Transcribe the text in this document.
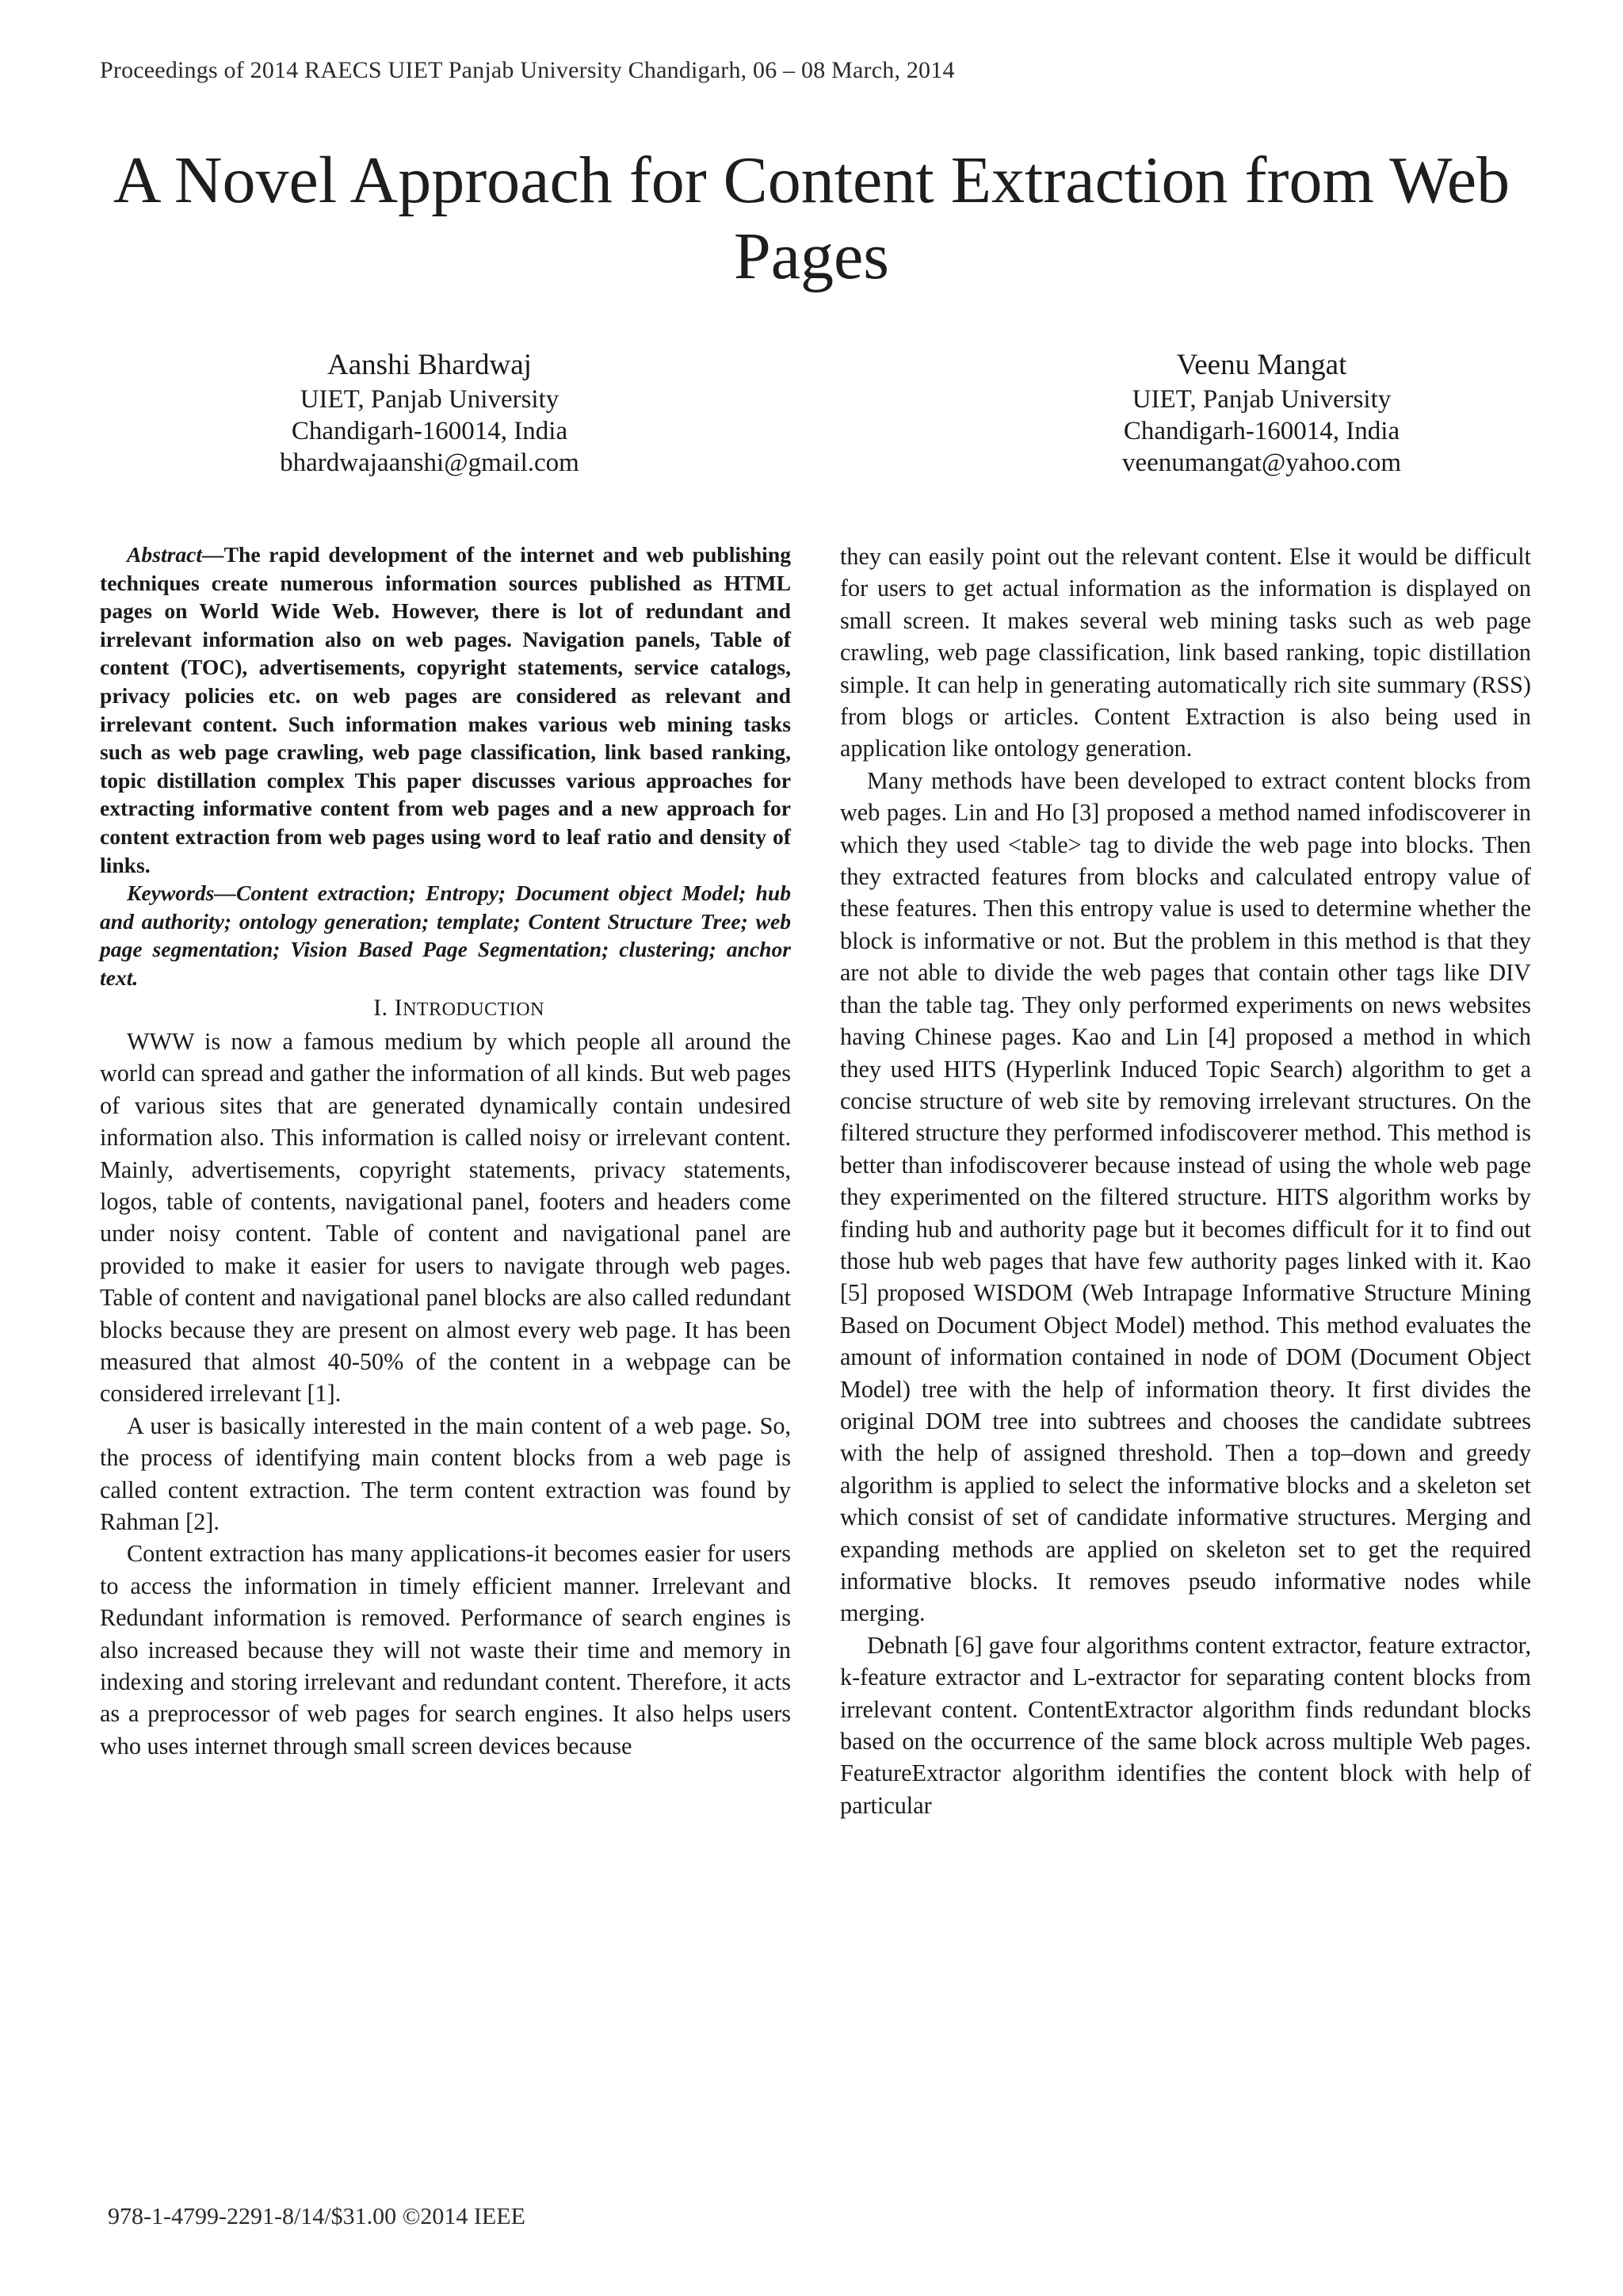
Proceedings of 2014 RAECS UIET Panjab University Chandigarh, 06 – 08 March, 2014
A Novel Approach for Content Extraction from Web Pages
Aanshi Bhardwaj
UIET, Panjab University
Chandigarh-160014, India
bhardwajaanshi@gmail.com
Veenu Mangat
UIET, Panjab University
Chandigarh-160014, India
veenumangat@yahoo.com

Abstract—The rapid development of the internet and web publishing techniques create numerous information sources published as HTML pages on World Wide Web. However, there is lot of redundant and irrelevant information also on web pages. Navigation panels, Table of content (TOC), advertisements, copyright statements, service catalogs, privacy policies etc. on web pages are considered as relevant and irrelevant content. Such information makes various web mining tasks such as web page crawling, web page classification, link based ranking, topic distillation complex This paper discusses various approaches for extracting informative content from web pages and a new approach for content extraction from web pages using word to leaf ratio and density of links.

Keywords—Content extraction; Entropy; Document object Model; hub and authority; ontology generation; template; Content Structure Tree; web page segmentation; Vision Based Page Segmentation; clustering; anchor text.

I. INTRODUCTION

WWW is now a famous medium by which people all around the world can spread and gather the information of all kinds. But web pages of various sites that are generated dynamically contain undesired information also. This information is called noisy or irrelevant content. Mainly, advertisements, copyright statements, privacy statements, logos, table of contents, navigational panel, footers and headers come under noisy content. Table of content and navigational panel are provided to make it easier for users to navigate through web pages. Table of content and navigational panel blocks are also called redundant blocks because they are present on almost every web page. It has been measured that almost 40-50% of the content in a webpage can be considered irrelevant [1].

A user is basically interested in the main content of a web page. So, the process of identifying main content blocks from a web page is called content extraction. The term content extraction was found by Rahman [2].

Content extraction has many applications-it becomes easier for users to access the information in timely efficient manner. Irrelevant and Redundant information is removed. Performance of search engines is also increased because they will not waste their time and memory in indexing and storing irrelevant and redundant content. Therefore, it acts as a preprocessor of web pages for search engines. It also helps users who uses internet through small screen devices because

they can easily point out the relevant content. Else it would be difficult for users to get actual information as the information is displayed on small screen. It makes several web mining tasks such as web page crawling, web page classification, link based ranking, topic distillation simple. It can help in generating automatically rich site summary (RSS) from blogs or articles. Content Extraction is also being used in application like ontology generation.

Many methods have been developed to extract content blocks from web pages. Lin and Ho [3] proposed a method named infodiscoverer in which they used <table> tag to divide the web page into blocks. Then they extracted features from blocks and calculated entropy value of these features. Then this entropy value is used to determine whether the block is informative or not. But the problem in this method is that they are not able to divide the web pages that contain other tags like DIV than the table tag. They only performed experiments on news websites having Chinese pages. Kao and Lin [4] proposed a method in which they used HITS (Hyperlink Induced Topic Search) algorithm to get a concise structure of web site by removing irrelevant structures. On the filtered structure they performed infodiscoverer method. This method is better than infodiscoverer because instead of using the whole web page they experimented on the filtered structure. HITS algorithm works by finding hub and authority page but it becomes difficult for it to find out those hub web pages that have few authority pages linked with it. Kao [5] proposed WISDOM (Web Intrapage Informative Structure Mining Based on Document Object Model) method. This method evaluates the amount of information contained in node of DOM (Document Object Model) tree with the help of information theory. It first divides the original DOM tree into subtrees and chooses the candidate subtrees with the help of assigned threshold. Then a top–down and greedy algorithm is applied to select the informative blocks and a skeleton set which consist of set of candidate informative structures. Merging and expanding methods are applied on skeleton set to get the required informative blocks. It removes pseudo informative nodes while merging.

Debnath [6] gave four algorithms content extractor, feature extractor, k-feature extractor and L-extractor for separating content blocks from irrelevant content. ContentExtractor algorithm finds redundant blocks based on the occurrence of the same block across multiple Web pages. FeatureExtractor algorithm identifies the content block with help of particular

978-1-4799-2291-8/14/$31.00 ©2014 IEEE
